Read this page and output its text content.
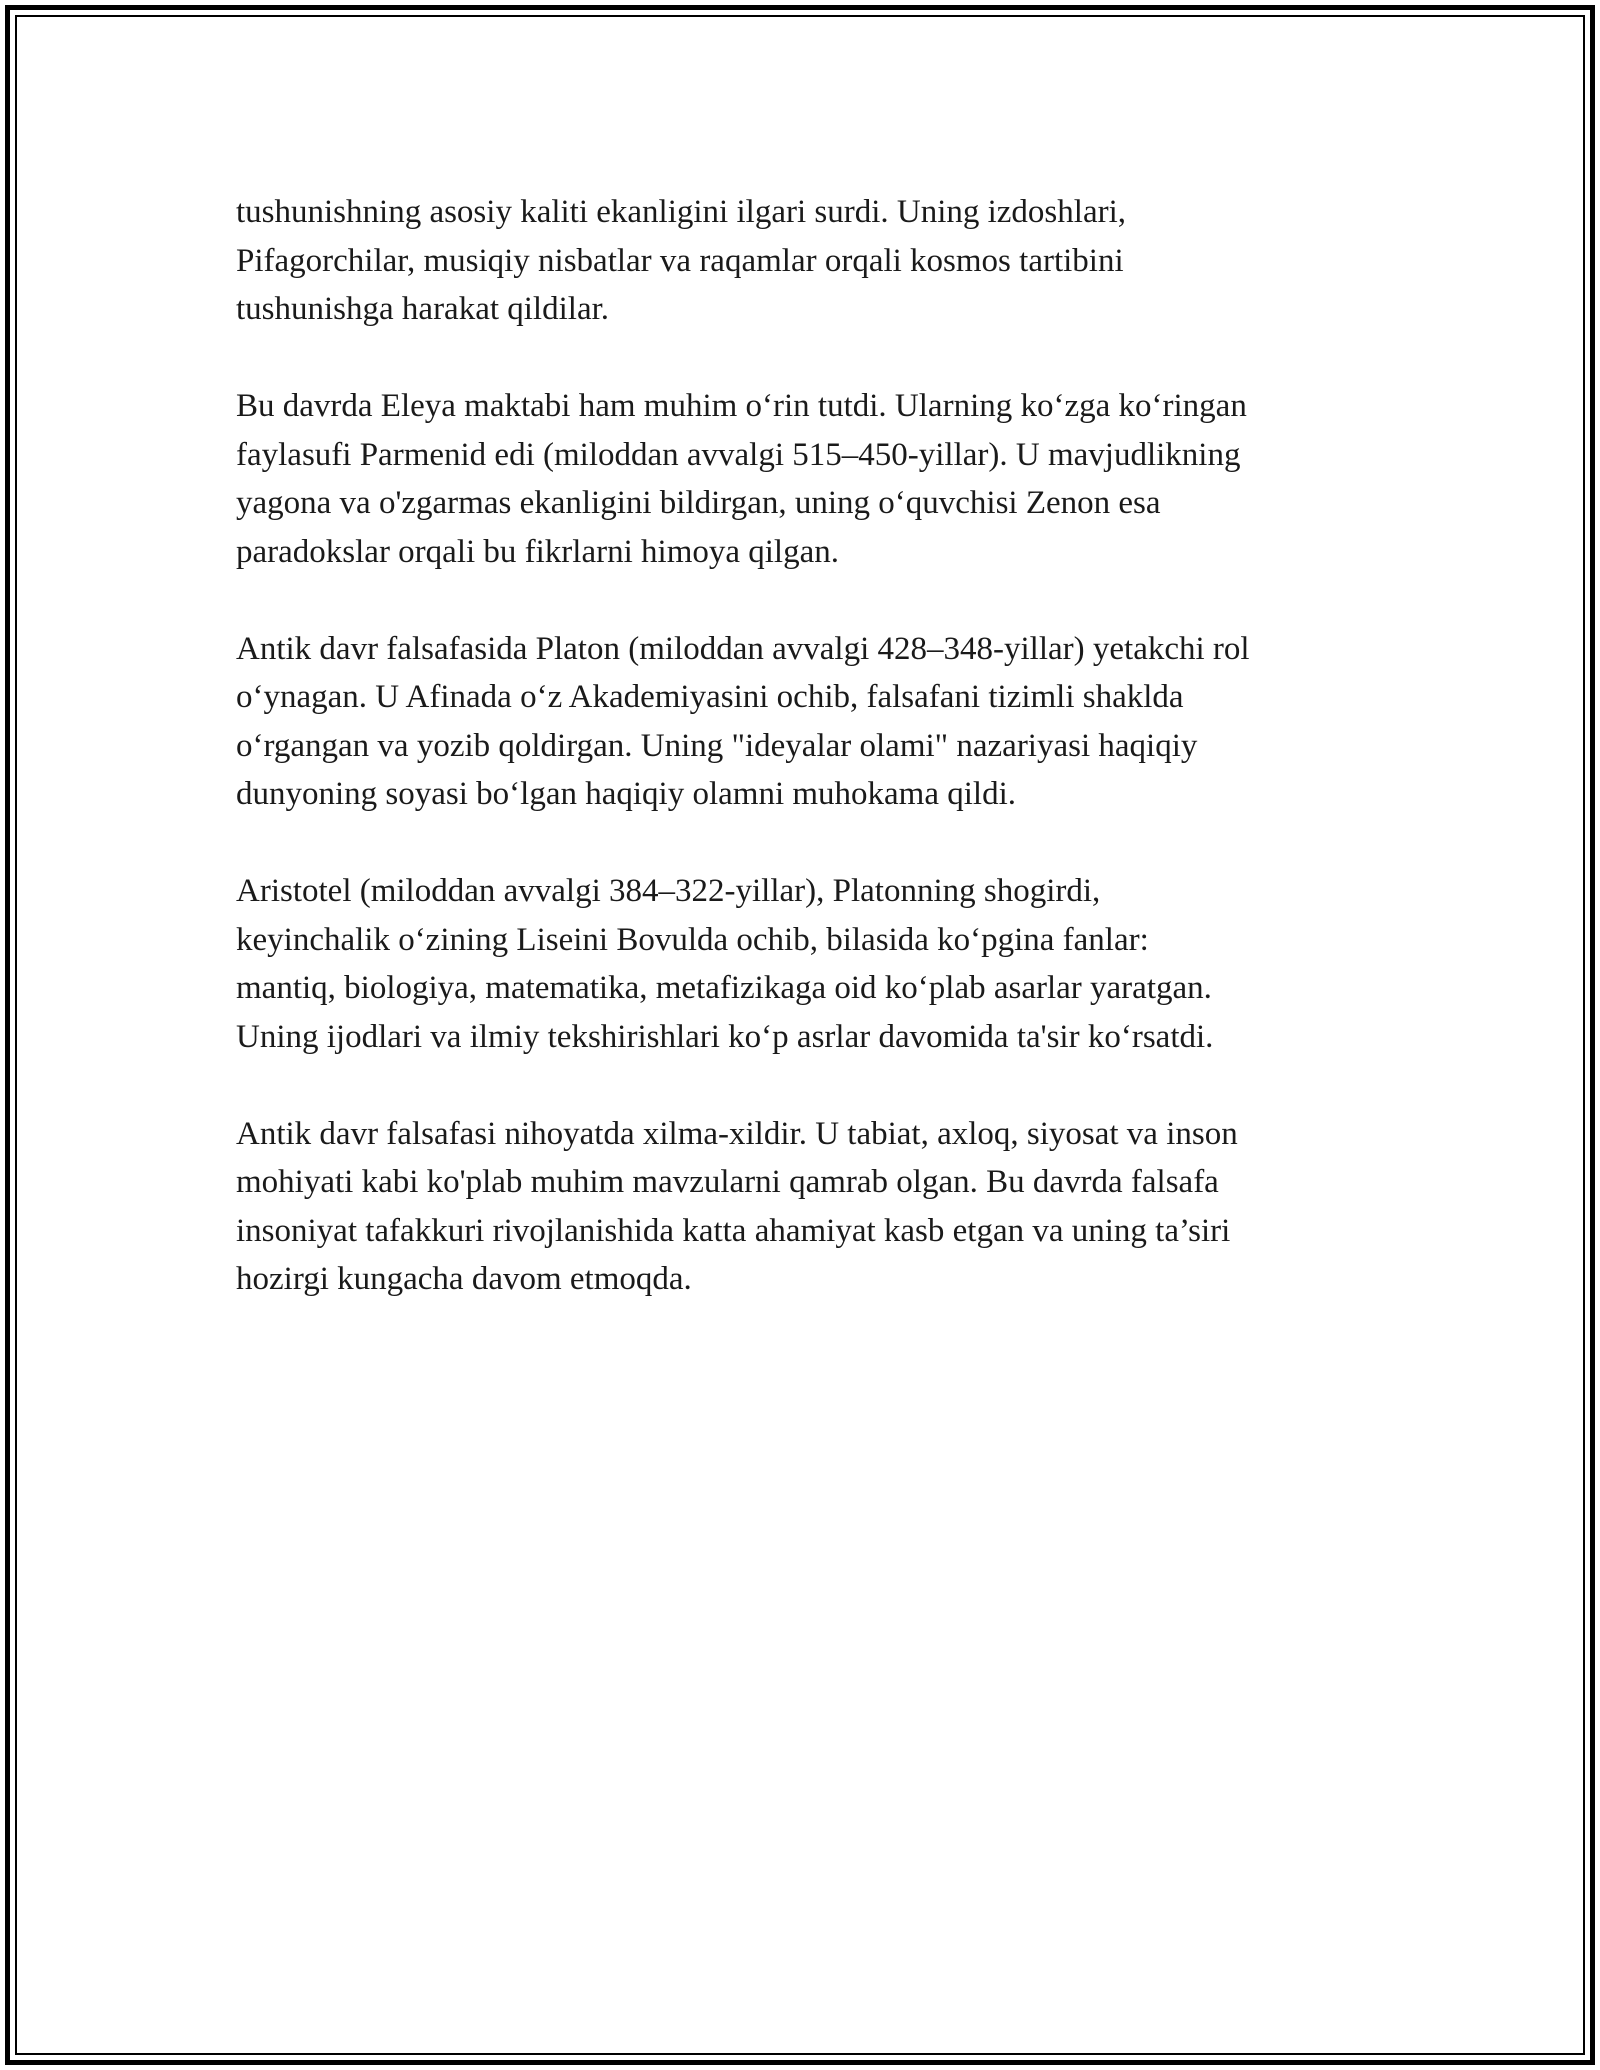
tushunishning asosiy kaliti ekanligini ilgari surdi. Uning izdoshlari,
Pifagorchilar, musiqiy nisbatlar va raqamlar orqali kosmos tartibini
tushunishga harakat qildilar.

Bu davrda Eleya maktabi ham muhim oʻrin tutdi. Ularning koʻzga koʻringan
faylasufi Parmenid edi (miloddan avvalgi 515–450-yillar). U mavjudlikning
yagona va o'zgarmas ekanligini bildirgan, uning oʻquvchisi Zenon esa
paradokslar orqali bu fikrlarni himoya qilgan.

Antik davr falsafasida Platon (miloddan avvalgi 428–348-yillar) yetakchi rol
oʻynagan. U Afinada oʻz Akademiyasini ochib, falsafani tizimli shaklda
oʻrgangan va yozib qoldirgan. Uning "ideyalar olami" nazariyasi haqiqiy
dunyoning soyasi boʻlgan haqiqiy olamni muhokama qildi.

Aristotel (miloddan avvalgi 384–322-yillar), Platonning shogirdi,
keyinchalik oʻzining Liseini Bovulda ochib, bilasida koʻpgina fanlar:
mantiq, biologiya, matematika, metafizikaga oid koʻplab asarlar yaratgan.
Uning ijodlari va ilmiy tekshirishlari koʻp asrlar davomida ta'sir koʻrsatdi.

Antik davr falsafasi nihoyatda xilma-xildir. U tabiat, axloq, siyosat va inson
mohiyati kabi ko'plab muhim mavzularni qamrab olgan. Bu davrda falsafa
insoniyat tafakkuri rivojlanishida katta ahamiyat kasb etgan va uning ta’siri
hozirgi kungacha davom etmoqda.
